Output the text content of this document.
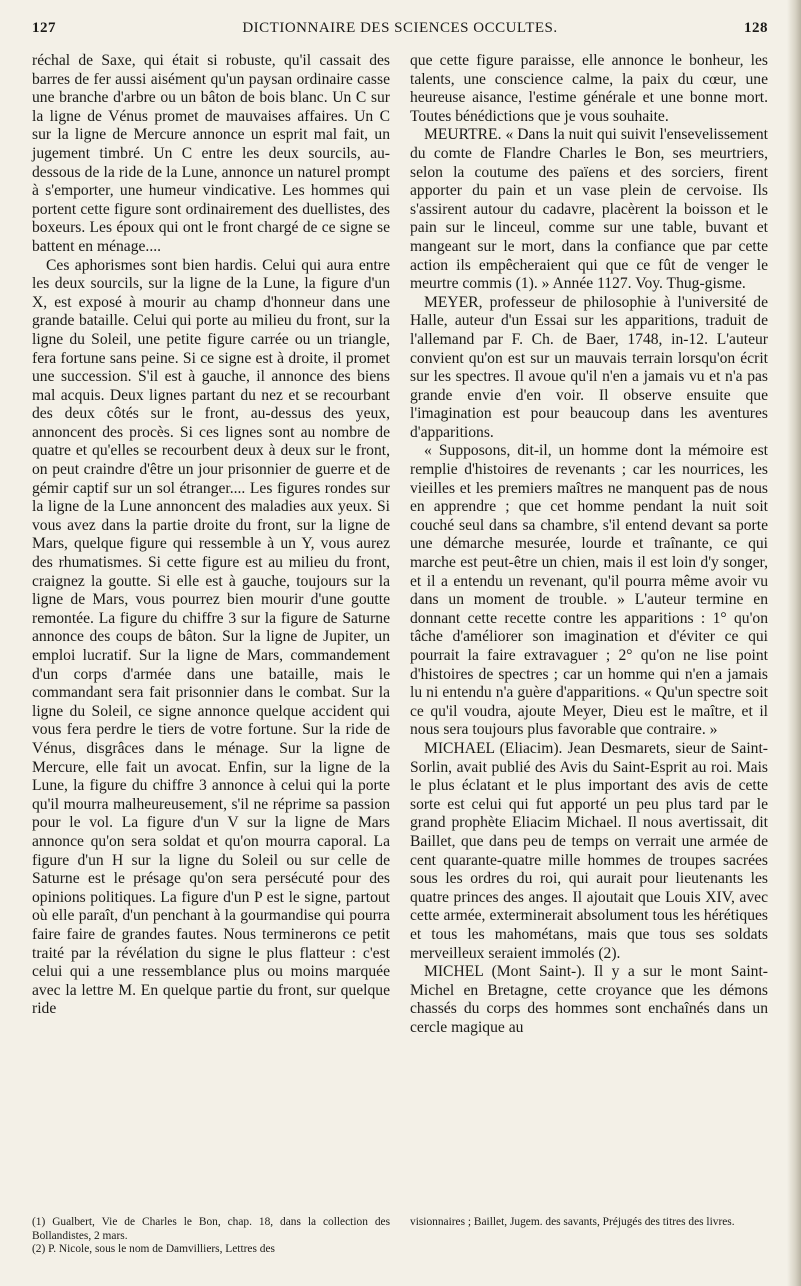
127	DICTIONNAIRE DES SCIENCES OCCULTES.	128

réchal de Saxe, qui était si robuste, qu'il cassait des barres de fer aussi aisément qu'un paysan ordinaire casse une branche d'arbre ou un bâton de bois blanc. Un C sur la ligne de Vénus promet de mauvaises affaires. Un C sur la ligne de Mercure annonce un esprit mal fait, un jugement timbré. Un C entre les deux sourcils, au-dessous de la ride de la Lune, annonce un naturel prompt à s'emporter, une humeur vindicative. Les hommes qui portent cette figure sont ordinairement des duellistes, des boxeurs. Les époux qui ont le front chargé de ce signe se battent en ménage....

Ces aphorismes sont bien hardis. Celui qui aura entre les deux sourcils, sur la ligne de la Lune, la figure d'un X, est exposé à mourir au champ d'honneur dans une grande bataille. Celui qui porte au milieu du front, sur la ligne du Soleil, une petite figure carrée ou un triangle, fera fortune sans peine. Si ce signe est à droite, il promet une succession. S'il est à gauche, il annonce des biens mal acquis. Deux lignes partant du nez et se recourbant des deux côtés sur le front, au-dessus des yeux, annoncent des procès. Si ces lignes sont au nombre de quatre et qu'elles se recourbent deux à deux sur le front, on peut craindre d'être un jour prisonnier de guerre et de gémir captif sur un sol étranger.... Les figures rondes sur la ligne de la Lune annoncent des maladies aux yeux. Si vous avez dans la partie droite du front, sur la ligne de Mars, quelque figure qui ressemble à un Y, vous aurez des rhumatismes. Si cette figure est au milieu du front, craignez la goutte. Si elle est à gauche, toujours sur la ligne de Mars, vous pourrez bien mourir d'une goutte remontée. La figure du chiffre 3 sur la figure de Saturne annonce des coups de bâton. Sur la ligne de Jupiter, un emploi lucratif. Sur la ligne de Mars, commandement d'un corps d'armée dans une bataille, mais le commandant sera fait prisonnier dans le combat. Sur la ligne du Soleil, ce signe annonce quelque accident qui vous fera perdre le tiers de votre fortune. Sur la ride de Vénus, disgrâces dans le ménage. Sur la ligne de Mercure, elle fait un avocat. Enfin, sur la ligne de la Lune, la figure du chiffre 3 annonce à celui qui la porte qu'il mourra malheureusement, s'il ne réprime sa passion pour le vol. La figure d'un V sur la ligne de Mars annonce qu'on sera soldat et qu'on mourra caporal. La figure d'un H sur la ligne du Soleil ou sur celle de Saturne est le présage qu'on sera persécuté pour des opinions politiques. La figure d'un P est le signe, partout où elle paraît, d'un penchant à la gourmandise qui pourra faire faire de grandes fautes. Nous terminerons ce petit traité par la révélation du signe le plus flatteur : c'est celui qui a une ressemblance plus ou moins marquée avec la lettre M. En quelque partie du front, sur quelque ride

(1) Gualbert, Vie de Charles le Bon, chap. 18, dans la collection des Bollandistes, 2 mars.

(2) P. Nicole, sous le nom de Damvilliers, Lettres des

que cette figure paraisse, elle annonce le bonheur, les talents, une conscience calme, la paix du cœur, une heureuse aisance, l'estime générale et une bonne mort. Toutes bénédictions que je vous souhaite.

MEURTRE. « Dans la nuit qui suivit l'ensevelissement du comte de Flandre Charles le Bon, ses meurtriers, selon la coutume des païens et des sorciers, firent apporter du pain et un vase plein de cervoise. Ils s'assirent autour du cadavre, placèrent la boisson et le pain sur le linceul, comme sur une table, buvant et mangeant sur le mort, dans la confiance que par cette action ils empêcheraient qui que ce fût de venger le meurtre commis (1). » Année 1127. Voy. Thug-gisme.

MEYER, professeur de philosophie à l'université de Halle, auteur d'un Essai sur les apparitions, traduit de l'allemand par F. Ch. de Baer, 1748, in-12. L'auteur convient qu'on est sur un mauvais terrain lorsqu'on écrit sur les spectres. Il avoue qu'il n'en a jamais vu et n'a pas grande envie d'en voir. Il observe ensuite que l'imagination est pour beaucoup dans les aventures d'apparitions.

« Supposons, dit-il, un homme dont la mémoire est remplie d'histoires de revenants ; car les nourrices, les vieilles et les premiers maîtres ne manquent pas de nous en apprendre ; que cet homme pendant la nuit soit couché seul dans sa chambre, s'il entend devant sa porte une démarche mesurée, lourde et traînante, ce qui marche est peut-être un chien, mais il est loin d'y songer, et il a entendu un revenant, qu'il pourra même avoir vu dans un moment de trouble. » L'auteur termine en donnant cette recette contre les apparitions : 1° qu'on tâche d'améliorer son imagination et d'éviter ce qui pourrait la faire extravaguer ; 2° qu'on ne lise point d'histoires de spectres ; car un homme qui n'en a jamais lu ni entendu n'a guère d'apparitions. « Qu'un spectre soit ce qu'il voudra, ajoute Meyer, Dieu est le maître, et il nous sera toujours plus favorable que contraire. »

MICHAEL (Eliacim). Jean Desmarets, sieur de Saint-Sorlin, avait publié des Avis du Saint-Esprit au roi. Mais le plus éclatant et le plus important des avis de cette sorte est celui qui fut apporté un peu plus tard par le grand prophète Eliacim Michael. Il nous avertissait, dit Baillet, que dans peu de temps on verrait une armée de cent quarante-quatre mille hommes de troupes sacrées sous les ordres du roi, qui aurait pour lieutenants les quatre princes des anges. Il ajoutait que Louis XIV, avec cette armée, exterminerait absolument tous les hérétiques et tous les mahométans, mais que tous ses soldats merveilleux seraient immolés (2).

MICHEL (Mont Saint-). Il y a sur le mont Saint-Michel en Bretagne, cette croyance que les démons chassés du corps des hommes sont enchaînés dans un cercle magique au

visionnaires ; Baillet, Jugem. des savants, Préjugés des titres des livres.
